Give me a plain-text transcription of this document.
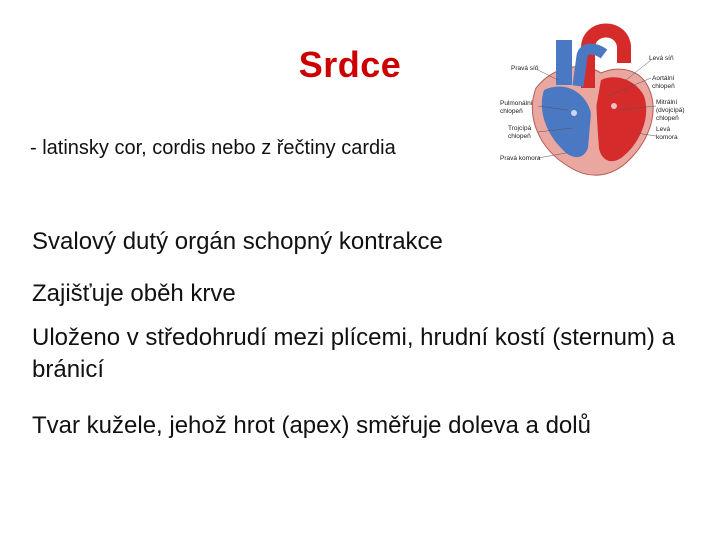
Srdce
- latinsky cor, cordis nebo z řečtiny cardia
Pravá síň
Pulmonální
chlopeň
Trojcípá
chlopeň
Pravá komora
Levá síň
Aortální
chlopeň
Mitrální
(dvojcípá)
chlopeň
Levá
komora
Svalový dutý orgán schopný kontrakce
Zajišťuje oběh krve
Uloženo v středohrudí mezi plícemi, hrudní kostí (sternum) a bránicí
Tvar kužele, jehož hrot (apex) směřuje doleva a dolů
